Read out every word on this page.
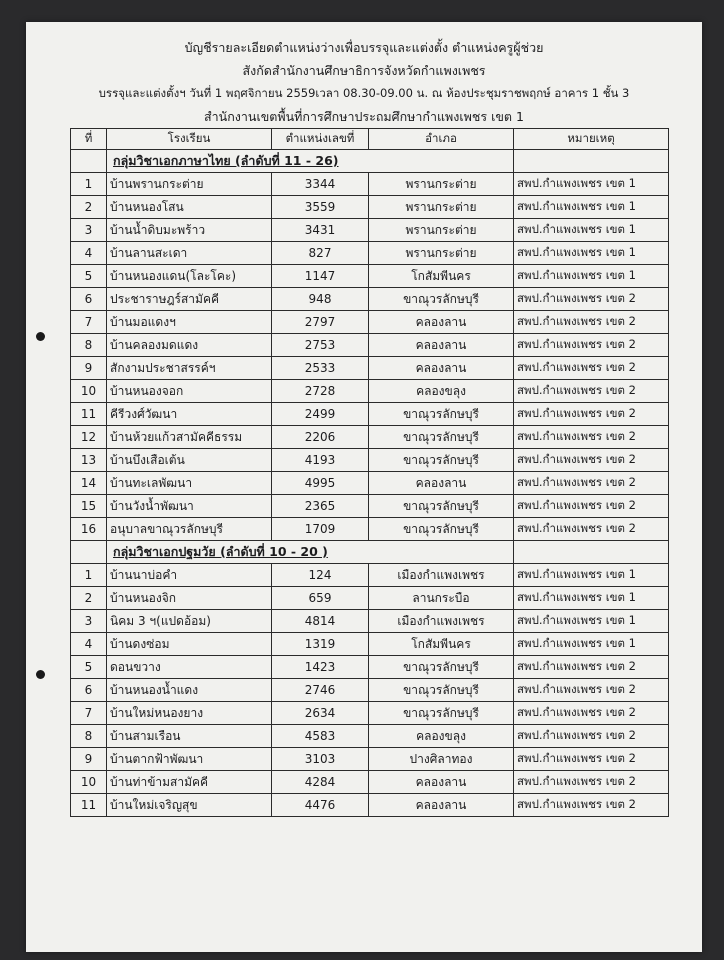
บัญชีรายละเอียดตำแหน่งว่างเพื่อบรรจุและแต่งตั้ง ตำแหน่งครูผู้ช่วย
สังกัดสำนักงานศึกษาธิการจังหวัดกำแพงเพชร
บรรจุและแต่งตั้งฯ วันที่ 1 พฤศจิกายน 2559เวลา 08.30-09.00 น. ณ ห้องประชุมราชพฤกษ์ อาคาร 1 ชั้น 3
สำนักงานเขตพื้นที่การศึกษาประถมศึกษากำแพงเพชร เขต 1
ที่	โรงเรียน	ตำแหน่งเลขที่	อำเภอ	หมายเหตุ
	กลุ่มวิชาเอกภาษาไทย (ลำดับที่ 11 - 26)			
1	บ้านพรานกระต่าย	3344	พรานกระต่าย	สพป.กำแพงเพชร เขต 1
2	บ้านหนองโสน	3559	พรานกระต่าย	สพป.กำแพงเพชร เขต 1
3	บ้านน้ำดิบมะพร้าว	3431	พรานกระต่าย	สพป.กำแพงเพชร เขต 1
4	บ้านลานสะเดา	827	พรานกระต่าย	สพป.กำแพงเพชร เขต 1
5	บ้านหนองแดน(โละโคะ)	1147	โกสัมพีนคร	สพป.กำแพงเพชร เขต 1
6	ประชาราษฎร์สามัคคี	948	ขาณุวรลักษบุรี	สพป.กำแพงเพชร เขต 2
7	บ้านมอแดงฯ	2797	คลองลาน	สพป.กำแพงเพชร เขต 2
8	บ้านคลองมดแดง	2753	คลองลาน	สพป.กำแพงเพชร เขต 2
9	สักงามประชาสรรค์ฯ	2533	คลองลาน	สพป.กำแพงเพชร เขต 2
10	บ้านหนองจอก	2728	คลองขลุง	สพป.กำแพงเพชร เขต 2
11	คีรีวงศ์วัฒนา	2499	ขาณุวรลักษบุรี	สพป.กำแพงเพชร เขต 2
12	บ้านห้วยแก้วสามัคคีธรรม	2206	ขาณุวรลักษบุรี	สพป.กำแพงเพชร เขต 2
13	บ้านบึงเสือเต้น	4193	ขาณุวรลักษบุรี	สพป.กำแพงเพชร เขต 2
14	บ้านทะเลพัฒนา	4995	คลองลาน	สพป.กำแพงเพชร เขต 2
15	บ้านวังน้ำพัฒนา	2365	ขาณุวรลักษบุรี	สพป.กำแพงเพชร เขต 2
16	อนุบาลขาณุวรลักษบุรี	1709	ขาณุวรลักษบุรี	สพป.กำแพงเพชร เขต 2
	กลุ่มวิชาเอกปฐมวัย (ลำดับที่ 10 - 20 )			
1	บ้านนาบ่อคำ	124	เมืองกำแพงเพชร	สพป.กำแพงเพชร เขต 1
2	บ้านหนองจิก	659	ลานกระบือ	สพป.กำแพงเพชร เขต 1
3	นิคม 3 ฯ(แปดอ้อม)	4814	เมืองกำแพงเพชร	สพป.กำแพงเพชร เขต 1
4	บ้านดงซ่อม	1319	โกสัมพีนคร	สพป.กำแพงเพชร เขต 1
5	ดอนขวาง	1423	ขาณุวรลักษบุรี	สพป.กำแพงเพชร เขต 2
6	บ้านหนองน้ำแดง	2746	ขาณุวรลักษบุรี	สพป.กำแพงเพชร เขต 2
7	บ้านใหม่หนองยาง	2634	ขาณุวรลักษบุรี	สพป.กำแพงเพชร เขต 2
8	บ้านสามเรือน	4583	คลองขลุง	สพป.กำแพงเพชร เขต 2
9	บ้านตากฟ้าพัฒนา	3103	ปางศิลาทอง	สพป.กำแพงเพชร เขต 2
10	บ้านท่าข้ามสามัคคี	4284	คลองลาน	สพป.กำแพงเพชร เขต 2
11	บ้านใหม่เจริญสุข	4476	คลองลาน	สพป.กำแพงเพชร เขต 2
